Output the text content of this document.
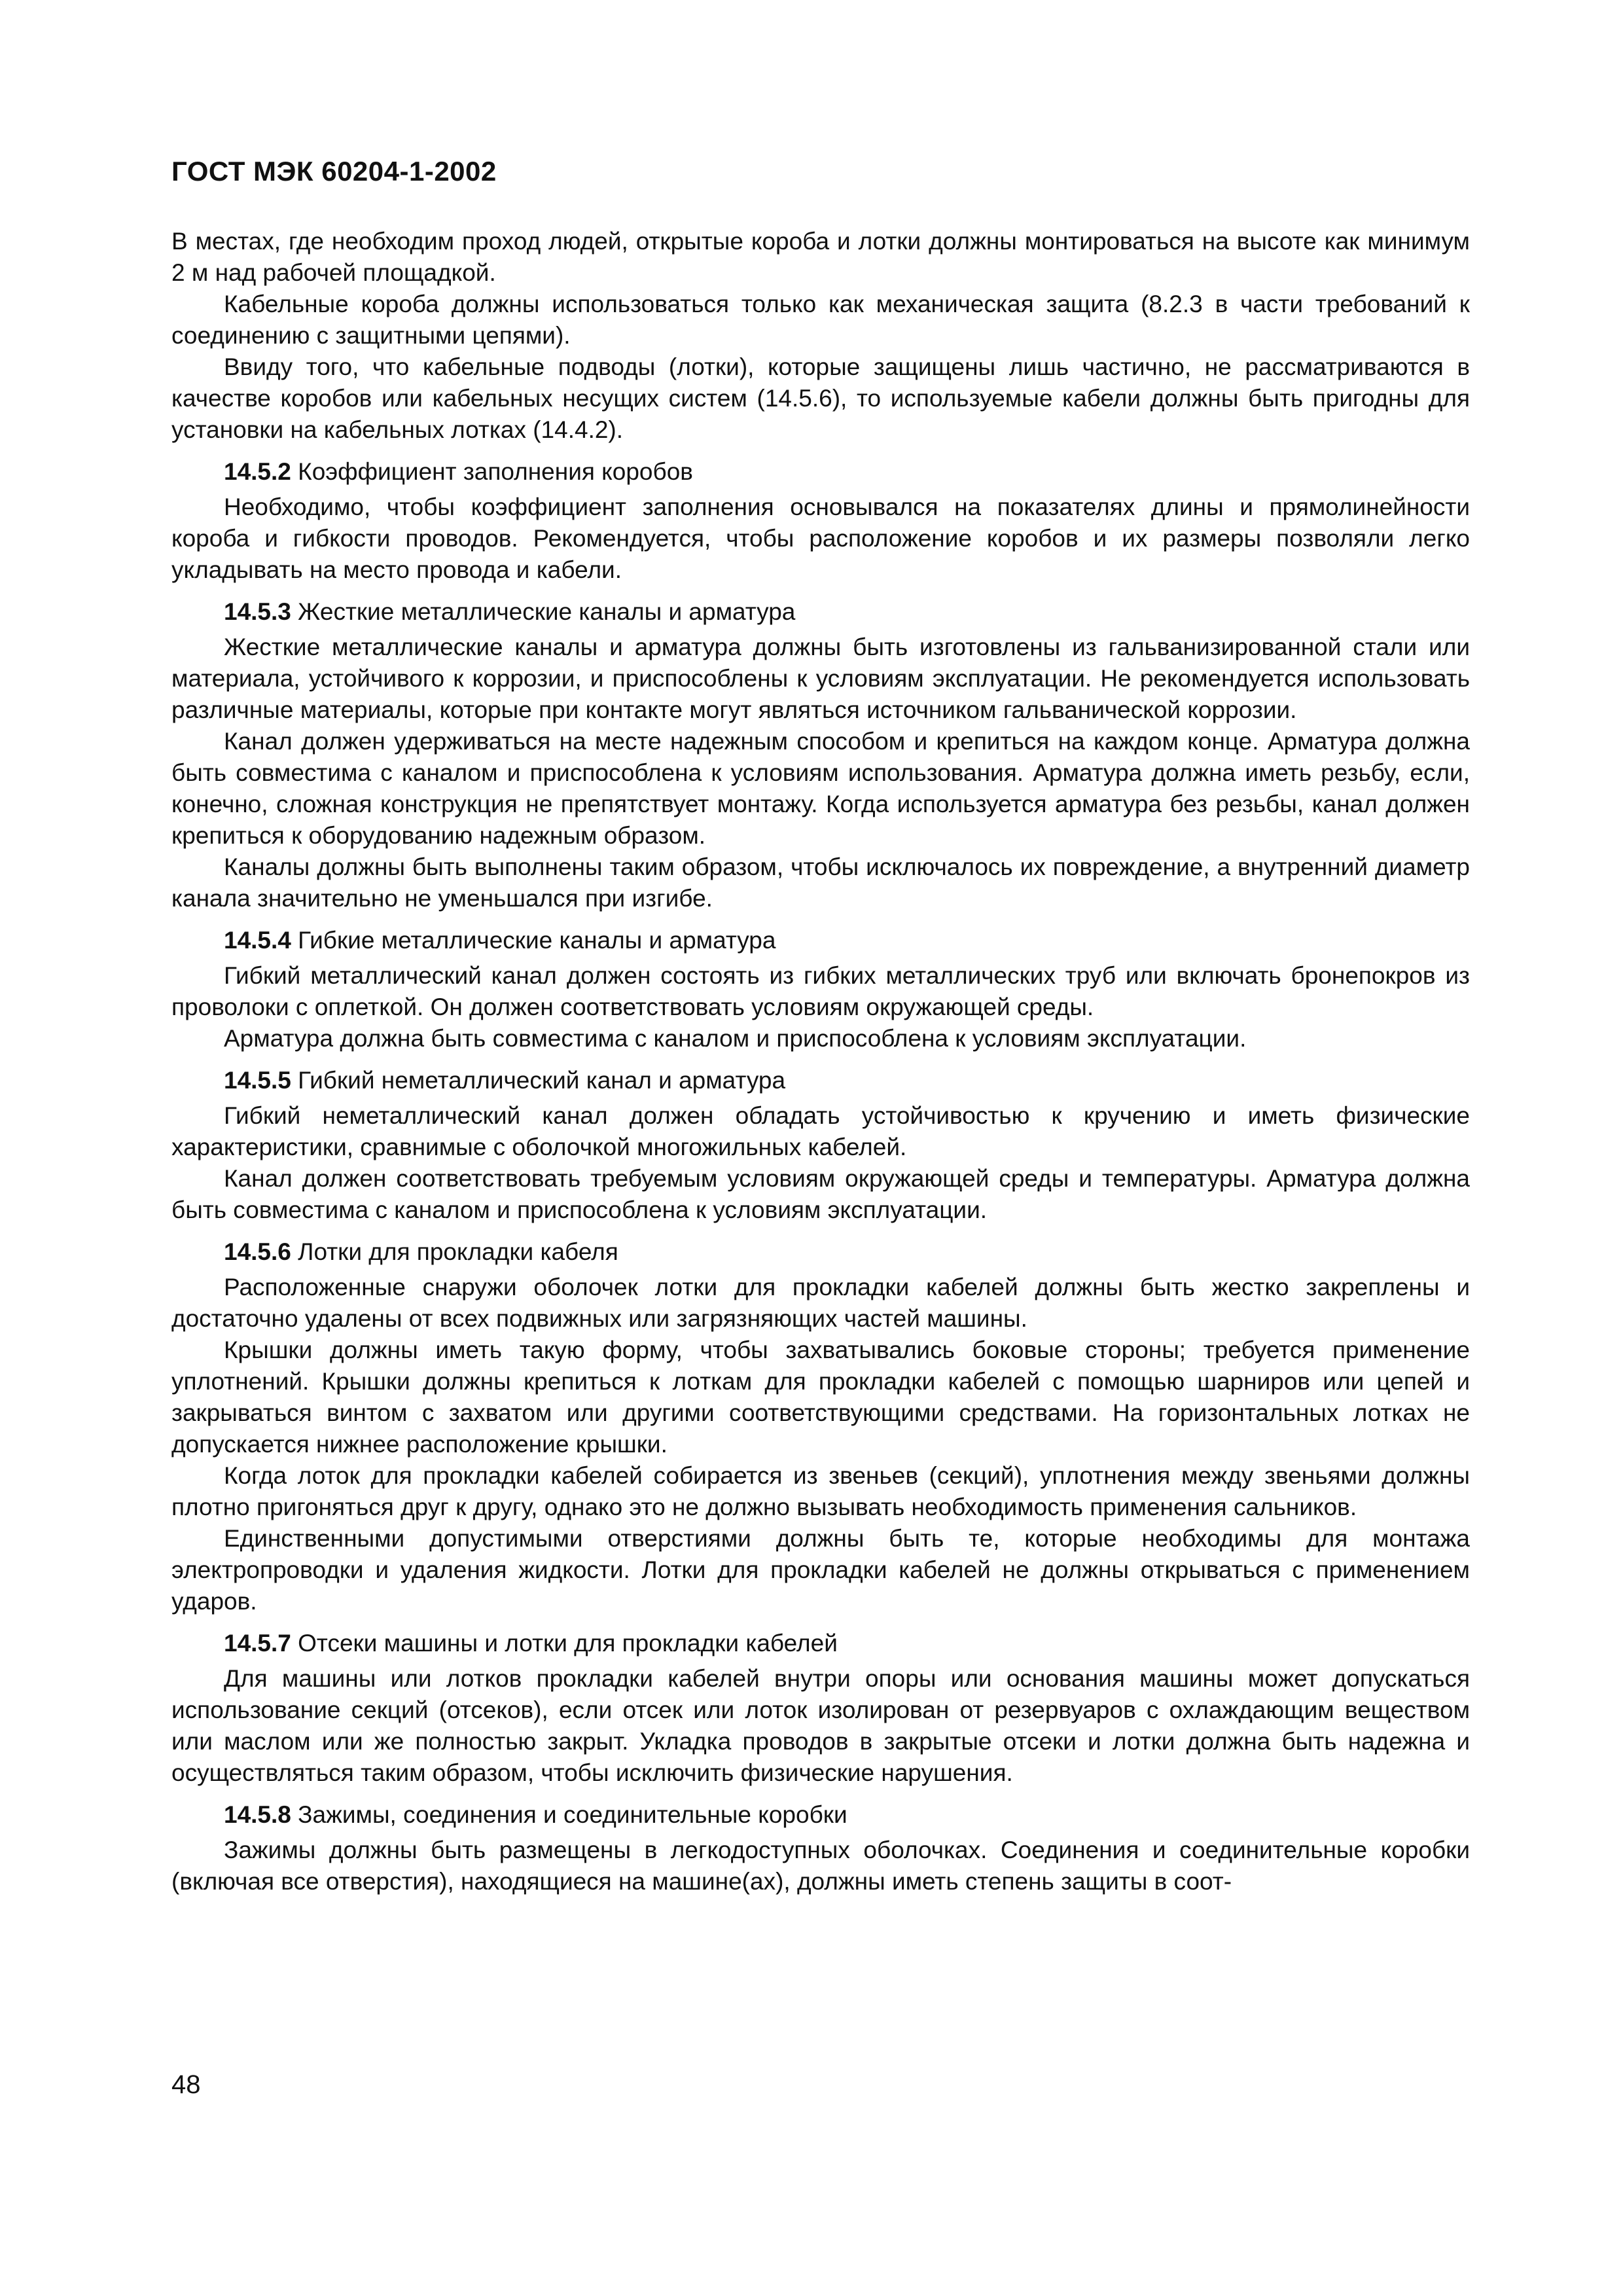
ГОСТ МЭК 60204-1-2002

В местах, где необходим проход людей, открытые короба и лотки должны монтироваться на высоте как минимум 2 м над рабочей площадкой.

Кабельные короба должны использоваться только как механическая защита (8.2.3 в части требований к соединению с защитными цепями).

Ввиду того, что кабельные подводы (лотки), которые защищены лишь частично, не рассматриваются в качестве коробов или кабельных несущих систем (14.5.6), то используемые кабели должны быть пригодны для установки на кабельных лотках (14.4.2).

14.5.2 Коэффициент заполнения коробов

Необходимо, чтобы коэффициент заполнения основывался на показателях длины и прямолинейности короба и гибкости проводов. Рекомендуется, чтобы расположение коробов и их размеры позволяли легко укладывать на место провода и кабели.

14.5.3 Жесткие металлические каналы и арматура

Жесткие металлические каналы и арматура должны быть изготовлены из гальванизированной стали или материала, устойчивого к коррозии, и приспособлены к условиям эксплуатации. Не рекомендуется использовать различные материалы, которые при контакте могут являться источником гальванической коррозии.

Канал должен удерживаться на месте надежным способом и крепиться на каждом конце. Арматура должна быть совместима с каналом и приспособлена к условиям использования. Арматура должна иметь резьбу, если, конечно, сложная конструкция не препятствует монтажу. Когда используется арматура без резьбы, канал должен крепиться к оборудованию надежным образом.

Каналы должны быть выполнены таким образом, чтобы исключалось их повреждение, а внутренний диаметр канала значительно не уменьшался при изгибе.

14.5.4 Гибкие металлические каналы и арматура

Гибкий металлический канал должен состоять из гибких металлических труб или включать бронепокров из проволоки с оплеткой. Он должен соответствовать условиям окружающей среды.

Арматура должна быть совместима с каналом и приспособлена к условиям эксплуатации.

14.5.5 Гибкий неметаллический канал и арматура

Гибкий неметаллический канал должен обладать устойчивостью к кручению и иметь физические характеристики, сравнимые с оболочкой многожильных кабелей.

Канал должен соответствовать требуемым условиям окружающей среды и температуры. Арматура должна быть совместима с каналом и приспособлена к условиям эксплуатации.

14.5.6 Лотки для прокладки кабеля

Расположенные снаружи оболочек лотки для прокладки кабелей должны быть жестко закреплены и достаточно удалены от всех подвижных или загрязняющих частей машины.

Крышки должны иметь такую форму, чтобы захватывались боковые стороны; требуется применение уплотнений. Крышки должны крепиться к лоткам для прокладки кабелей с помощью шарниров или цепей и закрываться винтом с захватом или другими соответствующими средствами. На горизонтальных лотках не допускается нижнее расположение крышки.

Когда лоток для прокладки кабелей собирается из звеньев (секций), уплотнения между звеньями должны плотно пригоняться друг к другу, однако это не должно вызывать необходимость применения сальников.

Единственными допустимыми отверстиями должны быть те, которые необходимы для монтажа электропроводки и удаления жидкости. Лотки для прокладки кабелей не должны открываться с применением ударов.

14.5.7 Отсеки машины и лотки для прокладки кабелей

Для машины или лотков прокладки кабелей внутри опоры или основания машины может допускаться использование секций (отсеков), если отсек или лоток изолирован от резервуаров с охлаждающим веществом или маслом или же полностью закрыт. Укладка проводов в закрытые отсеки и лотки должна быть надежна и осуществляться таким образом, чтобы исключить физические нарушения.

14.5.8 Зажимы, соединения и соединительные коробки

Зажимы должны быть размещены в легкодоступных оболочках. Соединения и соединительные коробки (включая все отверстия), находящиеся на машине(ах), должны иметь степень защиты в соот-

48
